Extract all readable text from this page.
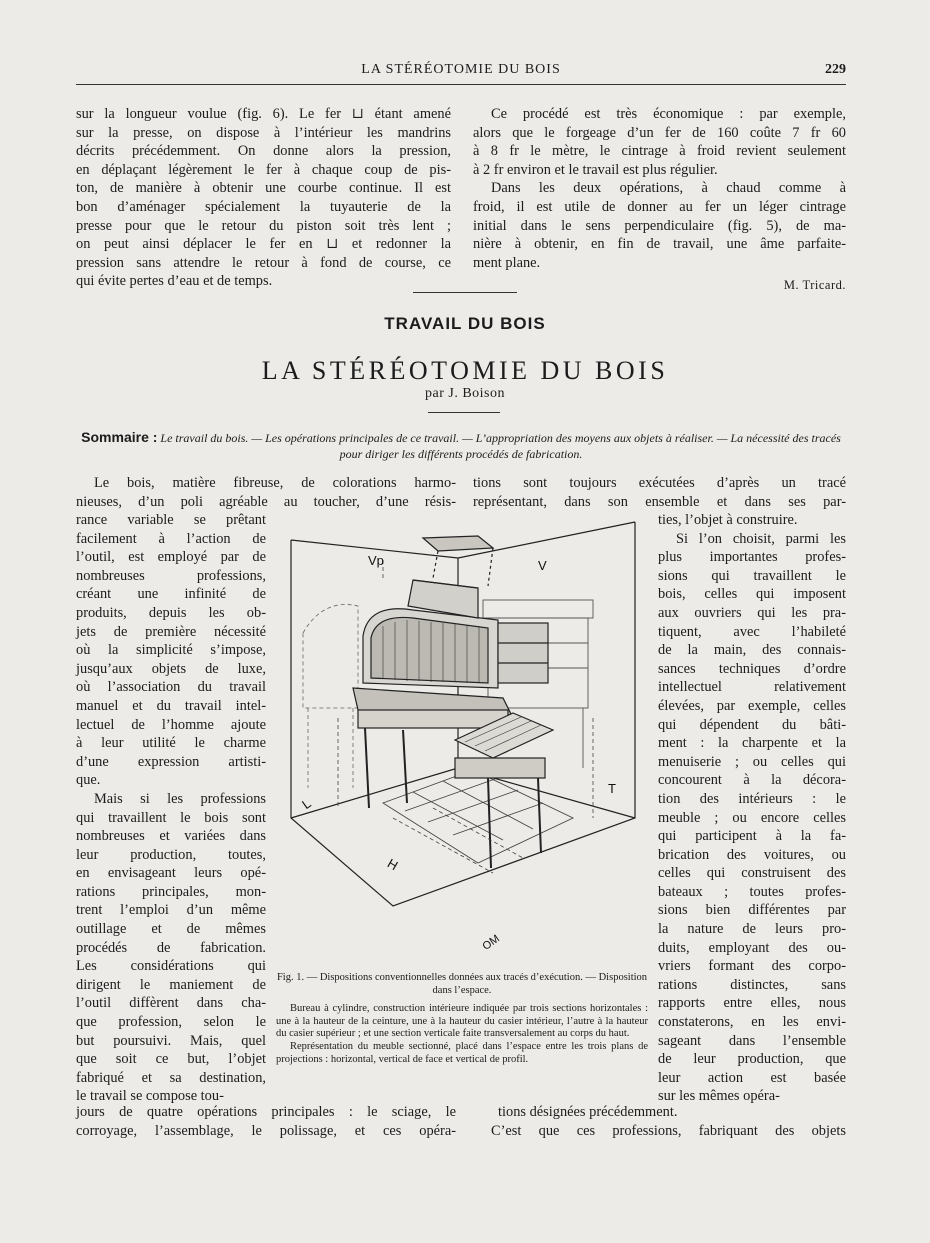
LA STÉRÉOTOMIE DU BOIS	229
sur la longueur voulue (fig. 6). Le fer ⊔ étant amené
sur la presse, on dispose à l’intérieur les mandrins
décrits précédemment. On donne alors la pression,
en déplaçant légèrement le fer à chaque coup de pis-
ton, de manière à obtenir une courbe continue. Il est
bon d’aménager spécialement la tuyauterie de la
presse pour que le retour du piston soit très lent ;
on peut ainsi déplacer le fer en ⊔ et redonner la
pression sans attendre le retour à fond de course, ce
qui évite pertes d’eau et de temps.
Ce procédé est très économique : par exemple,
alors que le forgeage d’un fer de 160 coûte 7 fr 60
à 8 fr le mètre, le cintrage à froid revient seulement
à 2 fr environ et le travail est plus régulier.
Dans les deux opérations, à chaud comme à
froid, il est utile de donner au fer un léger cintrage
initial dans le sens perpendiculaire (fig. 5), de ma-
nière à obtenir, en fin de travail, une âme parfaite-
ment plane.
M. Tricard.
TRAVAIL DU BOIS
LA STÉRÉOTOMIE DU BOIS
par J. Boison
Sommaire : Le travail du bois. — Les opérations principales de ce travail. — L’appropriation des moyens aux objets à réaliser. — La nécessité des tracés pour diriger les différents procédés de fabrication.
Le bois, matière fibreuse, de colorations harmo-
nieuses, d’un poli agréable au toucher, d’une résis-
tions sont toujours exécutées d’après un tracé
représentant, dans son ensemble et dans ses par-
rance variable se prêtant
facilement à l’action de
l’outil, est employé par de
nombreuses professions,
créant une infinité de
produits, depuis les ob-
jets de première nécessité
où la simplicité s’impose,
jusqu’aux objets de luxe,
où l’association du travail
manuel et du travail intel-
lectuel de l’homme ajoute
à leur utilité le charme
d’une expression artisti-
que.
Mais si les professions
qui travaillent le bois sont
nombreuses et variées dans
leur production, toutes,
en envisageant leurs opé-
rations principales, mon-
trent l’emploi d’un même
outillage et de mêmes
procédés de fabrication.
Les considérations qui
dirigent le maniement de
l’outil diffèrent dans cha-
que profession, selon le
but poursuivi. Mais, quel
que soit ce but, l’objet
fabriqué et sa destination,
le travail se compose tou-
ties, l’objet à construire.
Si l’on choisit, parmi les
plus importantes profes-
sions qui travaillent le
bois, celles qui imposent
aux ouvriers qui les pra-
tiquent, avec l’habileté
de la main, des connais-
sances techniques d’ordre
intellectuel relativement
élevées, par exemple, celles
qui dépendent du bâti-
ment : la charpente et la
menuiserie ; ou celles qui
concourent à la décora-
tion des intérieurs : le
meuble ; ou encore celles
qui participent à la fa-
brication des voitures, ou
celles qui construisent des
bateaux ; toutes profes-
sions bien différentes par
la nature de leurs pro-
duits, employant des ou-
vriers formant des corpo-
rations distinctes, sans
rapports entre elles, nous
constaterons, en les envi-
sageant dans l’ensemble
de leur production, que
leur action est basée
sur les mêmes opéra-
Vp	V
L
T
H
OM

Fig. 1. — Dispositions conventionnelles données aux tracés d’exécution. — Disposition dans l’espace.

Bureau à cylindre, construction intérieure indiquée par trois sections horizontales : une à la hauteur de la ceinture, une à la hauteur du casier intérieur, l’autre à la hauteur du casier supérieur ; et une section verticale faite transversalement au corps du haut.

Représentation du meuble sectionné, placé dans l’espace entre les trois plans de projections : horizontal, vertical de face et vertical de profil.

jours de quatre opérations principales : le sciage, le
corroyage, l’assemblage, le polissage, et ces opéra-
tions désignées précédemment.
C’est que ces professions, fabriquant des objets
